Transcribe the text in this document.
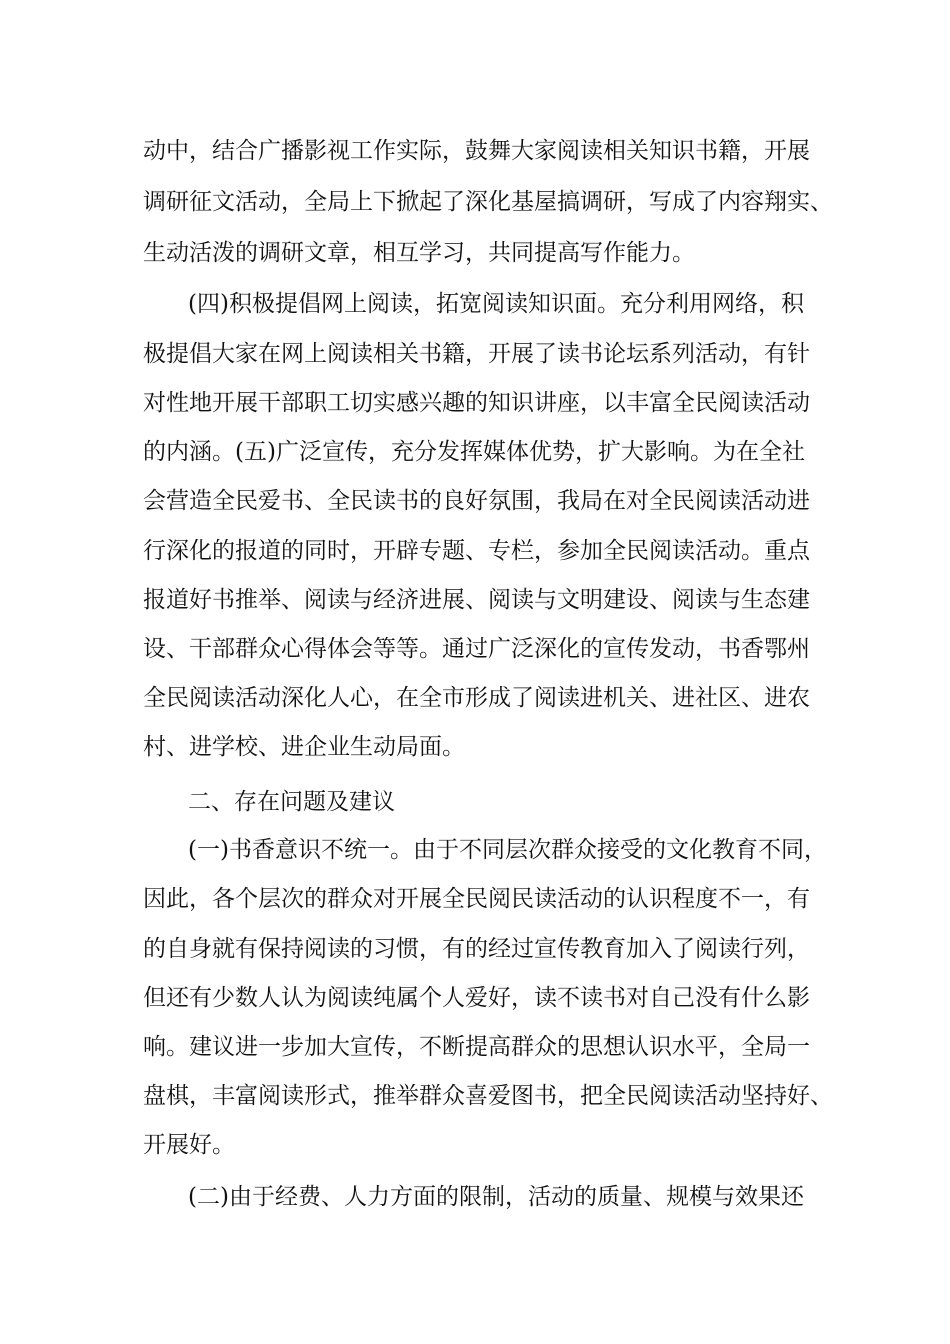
动中，结合广播影视工作实际，鼓舞大家阅读相关知识书籍，开展
调研征文活动，全局上下掀起了深化基屋搞调研，写成了内容翔实、
生动活泼的调研文章，相互学习，共同提高写作能力。
(四)积极提倡网上阅读，拓宽阅读知识面。充分利用网络，积
极提倡大家在网上阅读相关书籍，开展了读书论坛系列活动，有针
对性地开展干部职工切实感兴趣的知识讲座，以丰富全民阅读活动
的内涵。(五)广泛宣传，充分发挥媒体优势，扩大影响。为在全社
会营造全民爱书、全民读书的良好氛围，我局在对全民阅读活动进
行深化的报道的同时，开辟专题、专栏，参加全民阅读活动。重点
报道好书推举、阅读与经济进展、阅读与文明建设、阅读与生态建
设、干部群众心得体会等等。通过广泛深化的宣传发动，书香鄂州
全民阅读活动深化人心，在全市形成了阅读进机关、进社区、进农
村、进学校、进企业生动局面。
二、存在问题及建议
(一)书香意识不统一。由于不同层次群众接受的文化教育不同，
因此，各个层次的群众对开展全民阅民读活动的认识程度不一，有
的自身就有保持阅读的习惯，有的经过宣传教育加入了阅读行列，
但还有少数人认为阅读纯属个人爱好，读不读书对自己没有什么影
响。建议进一步加大宣传，不断提高群众的思想认识水平，全局一
盘棋，丰富阅读形式，推举群众喜爱图书，把全民阅读活动坚持好、
开展好。
(二)由于经费、人力方面的限制，活动的质量、规模与效果还
